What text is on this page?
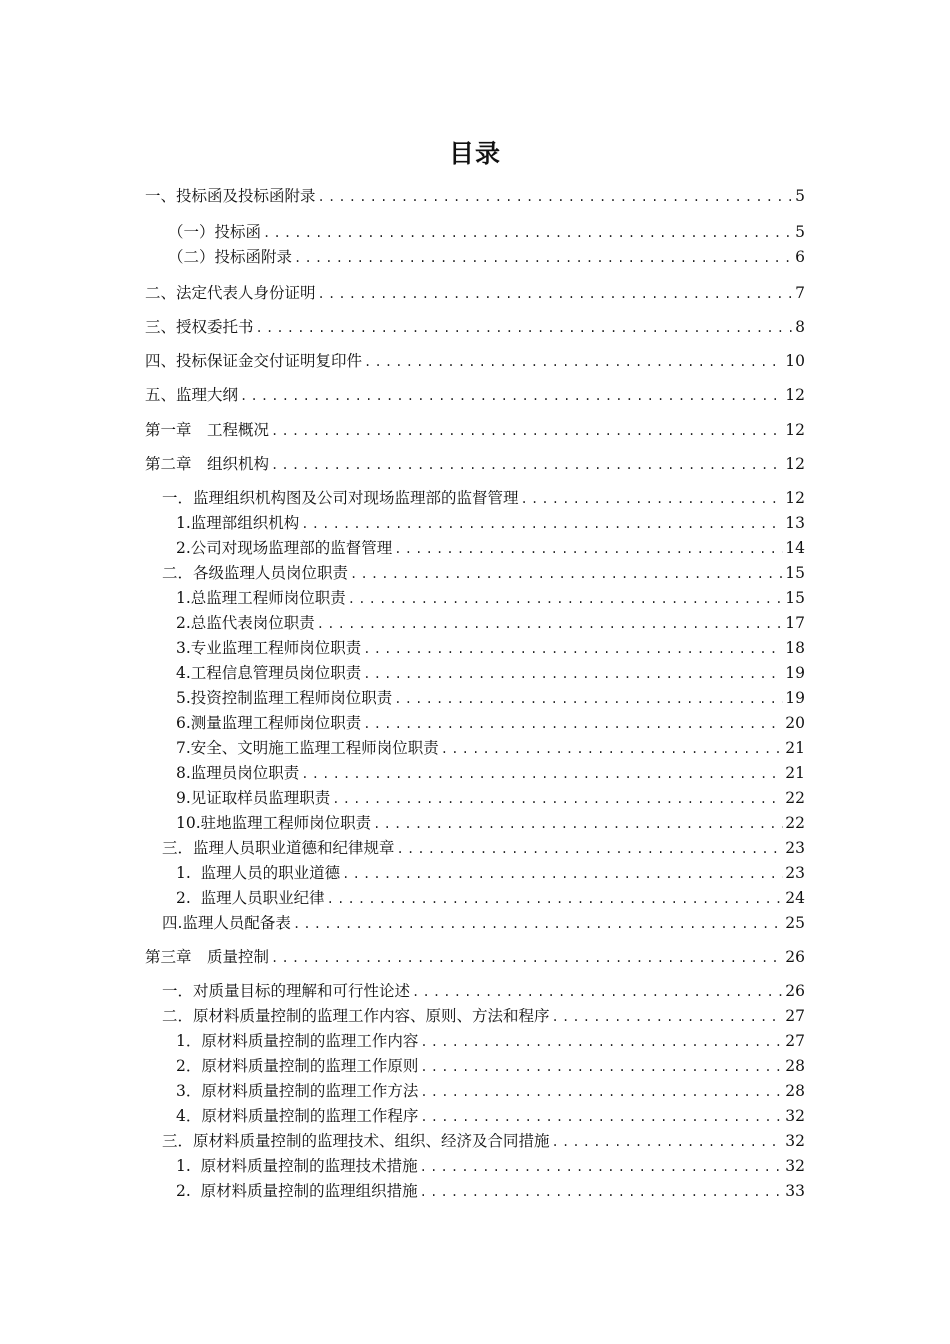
目录
一、投标函及投标函附录 .....	5
（一）投标函 .....	5
（二）投标函附录 .....	6
二、法定代表人身份证明 .....	7
三、授权委托书 .....	8
四、投标保证金交付证明复印件 .....	10
五、监理大纲 .....	12
第一章　工程概况 .....	12
第二章　组织机构 .....	12
一．监理组织机构图及公司对现场监理部的监督管理 .....	12
1.监理部组织机构 .....	13
2.公司对现场监理部的监督管理 .....	14
二．各级监理人员岗位职责 .....	15
1.总监理工程师岗位职责 .....	15
2.总监代表岗位职责 .....	17
3.专业监理工程师岗位职责 .....	18
4.工程信息管理员岗位职责 .....	19
5.投资控制监理工程师岗位职责 .....	19
6.测量监理工程师岗位职责 .....	20
7.安全、文明施工监理工程师岗位职责 .....	21
8.监理员岗位职责 .....	21
9.见证取样员监理职责 .....	22
10.驻地监理工程师岗位职责 .....	22
三．监理人员职业道德和纪律规章 .....	23
1.  监理人员的职业道德 .....	23
2.  监理人员职业纪律 .....	24
四.监理人员配备表 .....	25
第三章　质量控制 .....	26
一．对质量目标的理解和可行性论述 .....	26
二．原材料质量控制的监理工作内容、原则、方法和程序 .....	27
1．原材料质量控制的监理工作内容 .....	27
2．原材料质量控制的监理工作原则 .....	28
3．原材料质量控制的监理工作方法 .....	28
4．原材料质量控制的监理工作程序 .....	32
三．原材料质量控制的监理技术、组织、经济及合同措施 .....	32
1.  原材料质量控制的监理技术措施 .....	32
2.  原材料质量控制的监理组织措施 .....	33
